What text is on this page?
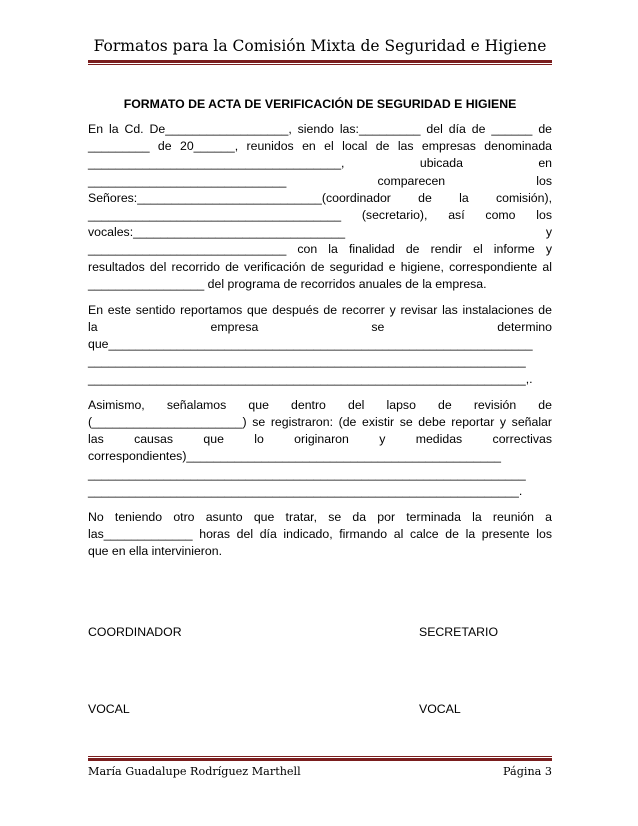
Formatos para la Comisión Mixta de Seguridad e Higiene
FORMATO DE ACTA DE VERIFICACIÓN DE SEGURIDAD E HIGIENE
En la Cd. De__________________, siendo las:_________ del día de ______ de
_________ de 20______, reunidos en el local de las empresas denominada
_____________________________________, ubicada en
_____________________________ comparecen los
Señores:___________________________(coordinador de la comisión),
_____________________________________ (secretario), así como los
vocales:_______________________________ y
_____________________________ con la finalidad de rendir el informe y
resultados del recorrido de verificación de seguridad e higiene, correspondiente al
_________________ del programa de recorridos anuales de la empresa.
En este sentido reportamos que después de recorrer y revisar las instalaciones de
la empresa se determino
que______________________________________________________________
________________________________________________________________
________________________________________________________________,.
Asimismo, señalamos que dentro del lapso de revisión de
(______________________) se registraron: (de existir se debe reportar y señalar
las causas que lo originaron y medidas correctivas
correspondientes)______________________________________________
________________________________________________________________
_______________________________________________________________.
No teniendo otro asunto que tratar, se da por terminada la reunión a
las_____________ horas del día indicado, firmando al calce de la presente los
que en ella intervinieron.
COORDINADOR	SECRETARIO
VOCAL	VOCAL
María Guadalupe Rodríguez Marthell	Página 3
